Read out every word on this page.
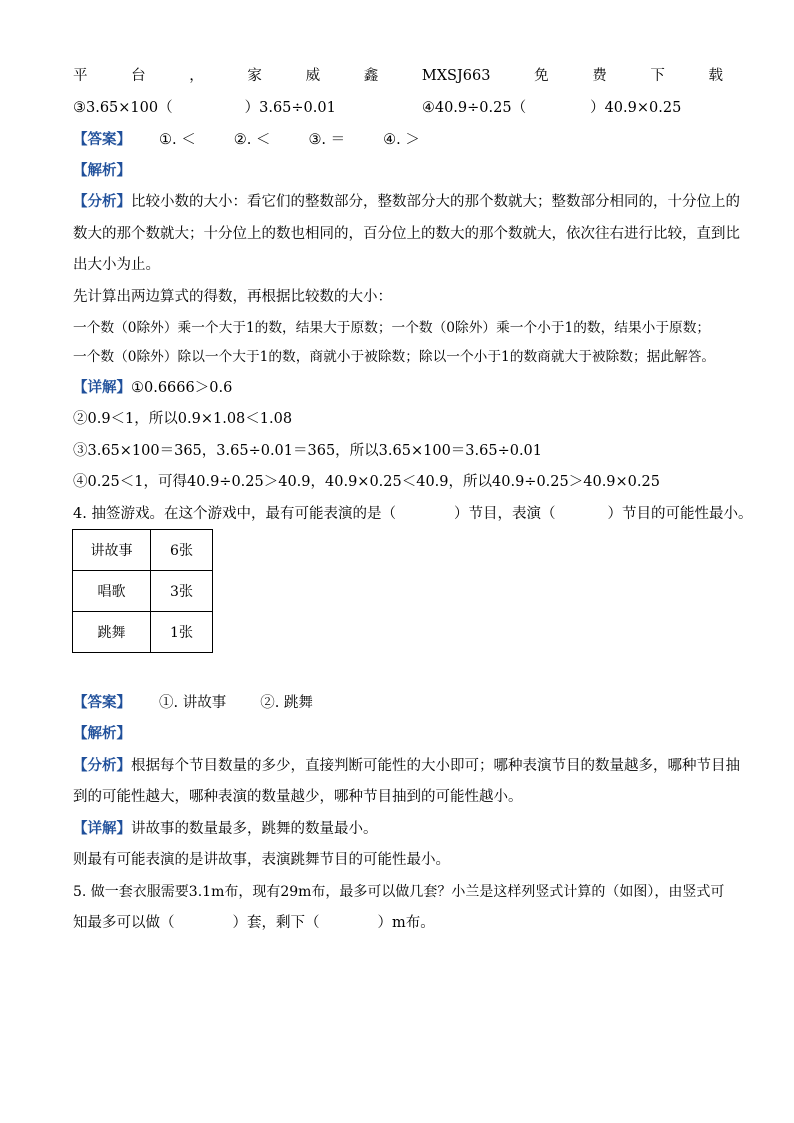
平	台	，	家	威	鑫	MXSJ663	免	费	下	载
③3.65×100（	）3.65÷0.01	④40.9÷0.25（	）40.9×0.25
【答案】 ①. ＜	②. ＜	③. ＝	④. ＞
【解析】
【分析】比较小数的大小：看它们的整数部分，整数部分大的那个数就大；整数部分相同的，十分位上的
数大的那个数就大；十分位上的数也相同的，百分位上的数大的那个数就大，依次往右进行比较，直到比
出大小为止。
先计算出两边算式的得数，再根据比较数的大小：
一个数（0除外）乘一个大于1的数，结果大于原数；一个数（0除外）乘一个小于1的数，结果小于原数；
一个数（0除外）除以一个大于1的数，商就小于被除数；除以一个小于1的数商就大于被除数；据此解答。
【详解】①0.6666＞0.6
②0.9＜1，所以0.9×1.08＜1.08
③3.65×100＝365，3.65÷0.01＝365，所以3.65×100＝3.65÷0.01
④0.25＜1，可得40.9÷0.25＞40.9，40.9×0.25＜40.9，所以40.9÷0.25＞40.9×0.25
4. 抽签游戏。在这个游戏中，最有可能表演的是（	）节目，表演（	）节目的可能性最小。
讲故事	6张
唱歌	3张
跳舞	1张
【答案】 ①. 讲故事 ②. 跳舞
【解析】
【分析】根据每个节目数量的多少，直接判断可能性的大小即可；哪种表演节目的数量越多，哪种节目抽
到的可能性越大，哪种表演的数量越少，哪种节目抽到的可能性越小。
【详解】讲故事的数量最多，跳舞的数量最小。
则最有可能表演的是讲故事，表演跳舞节目的可能性最小。
5. 做一套衣服需要3.1m布，现有29m布，最多可以做几套？小兰是这样列竖式计算的（如图），由竖式可
知最多可以做（	）套，剩下（	）m布。
